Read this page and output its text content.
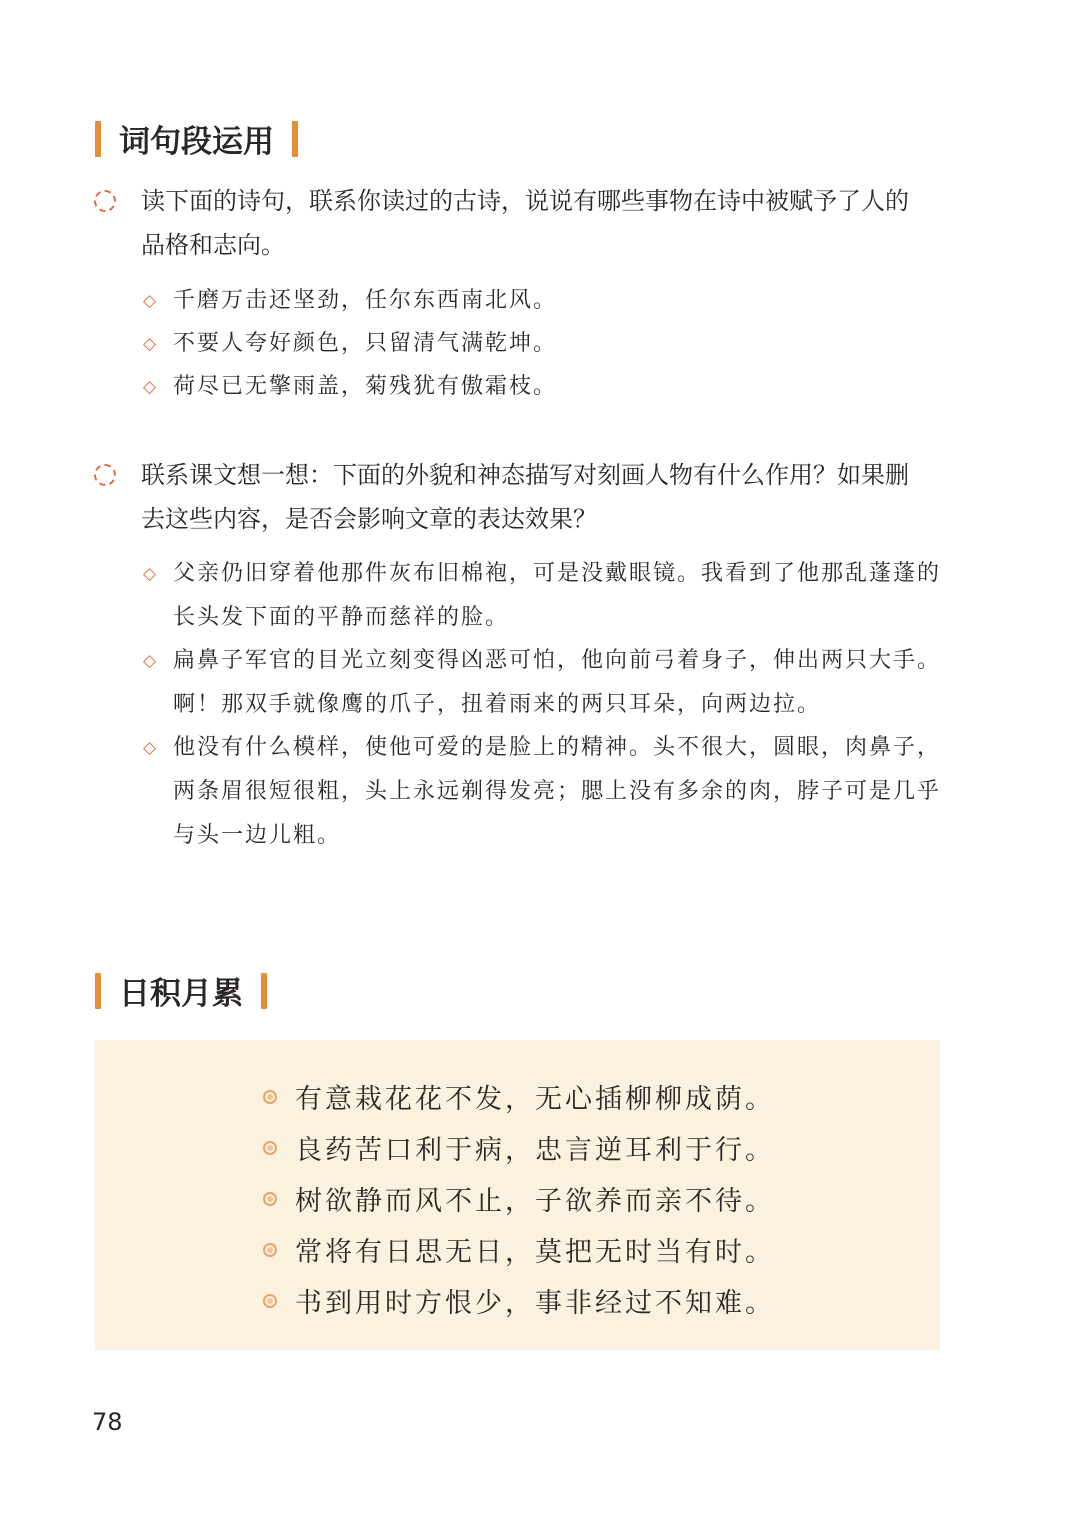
词句段运用
读下面的诗句，联系你读过的古诗，说说有哪些事物在诗中被赋予了人的
品格和志向。
◇ 千磨万击还坚劲，任尔东西南北风。
◇ 不要人夸好颜色，只留清气满乾坤。
◇ 荷尽已无擎雨盖，菊残犹有傲霜枝。
联系课文想一想：下面的外貌和神态描写对刻画人物有什么作用？如果删
去这些内容，是否会影响文章的表达效果？
◇ 父亲仍旧穿着他那件灰布旧棉袍，可是没戴眼镜。我看到了他那乱蓬蓬的长头发下面的平静而慈祥的脸。
◇ 扁鼻子军官的目光立刻变得凶恶可怕，他向前弓着身子，伸出两只大手。啊！那双手就像鹰的爪子，扭着雨来的两只耳朵，向两边拉。
◇ 他没有什么模样，使他可爱的是脸上的精神。头不很大，圆眼，肉鼻子，两条眉很短很粗，头上永远剃得发亮；腮上没有多余的肉，脖子可是几乎与头一边儿粗。
日积月累
有意栽花花不发，无心插柳柳成荫。
良药苦口利于病，忠言逆耳利于行。
树欲静而风不止，子欲养而亲不待。
常将有日思无日，莫把无时当有时。
书到用时方恨少，事非经过不知难。
78
